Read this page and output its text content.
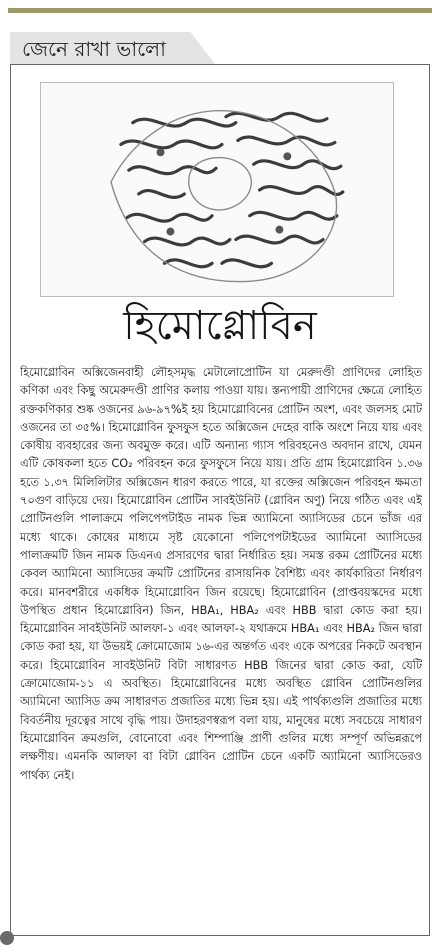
জেনে রাখা ভালো
হিমোগ্লোবিন
হিমোগ্লোবিন অক্সিজেনবাহী লৌহসমৃদ্ধ মেটালোপ্রোটিন যা মেরুদণ্ডী প্রাণিদের লোহিত কণিকা এবং কিছু অমেরুদণ্ডী প্রাণির কলায় পাওয়া যায়। স্তন্যপায়ী প্রাণিদের ক্ষেত্রে লোহিত রক্তকণিকার শুষ্ক ওজনের ৯৬-৯৭%ই হয় হিমোগ্লোবিনের প্রোটিন অংশ, এবং জলসহ মোট ওজনের তা ৩৫%। হিমোগ্লোবিন ফুসফুস হতে অক্সিজেন দেহের বাকি অংশে নিয়ে যায় এবং কোষীয় ব্যবহারের জন্য অবমুক্ত করে। এটি অন্যান্য গ্যাস পরিবহনেও অবদান রাখে, যেমন এটি কোষকলা হতে CO₂ পরিবহন করে ফুসফুসে নিয়ে যায়। প্রতি গ্রাম হিমোগ্লোবিন ১.৩৬ হতে ১.৩৭ মিলিলিটার অক্সিজেন ধারণ করতে পারে, যা রক্তের অক্সিজেন পরিবহন ক্ষমতা ৭০গুণ বাড়িয়ে দেয়। হিমোগ্লোবিন প্রোটিন সাবইউনিট (গ্লোবিন অণু) নিয়ে গঠিত এবং এই প্রোটিনগুলি পালাক্রমে পলিপেপটাইড নামক ভিন্ন অ্যামিনো অ্যাসিডের চেনে ভাঁজ এর মধ্যে থাকে। কোষের মাধ্যমে সৃষ্ট যেকোনো পলিপেপটাইডের অ্যামিনো অ্যাসিডের পালাক্রমটি জিন নামক ডিএনএ প্রসারণের দ্বারা নির্ধারিত হয়। সমস্ত রকম প্রোটিনের মধ্যে কেবল অ্যামিনো অ্যাসিডের ক্রমটি প্রোটিনের রাসায়নিক বৈশিষ্ট্য এবং কার্যকারিতা নির্ধারণ করে। মানবশরীরে একধিক হিমোগ্লোবিন জিন রয়েছে। হিমোগ্লোবিন (প্রাপ্তবয়স্কদের মধ্যে উপস্থিত প্রধান হিমোগ্লোবিন) জিন, HBA₁, HBA₂ এবং HBB দ্বারা কোড করা হয়। হিমোগ্লোবিন সাবইউনিট আলফা-১ এবং আলফা-২ যথাক্রমে HBA₁ এবং HBA₂ জিন দ্বারা কোড করা হয়, যা উভয়ই ক্রোমোজোম ১৬-এর অন্তর্গত এবং একে অপরের নিকটে অবস্থান করে। হিমোগ্লোবিন সাবইউনিট বিটা সাধারণত HBB জিনের দ্বারা কোড করা, যেটি ক্রোমোজোম-১১ এ অবস্থিত। হিমোগ্লোবিনের মধ্যে অবস্থিত গ্লোবিন প্রোটিনগুলির অ্যামিনো অ্যাসিড ক্রম সাধারণত প্রজাতির মধ্যে ভিন্ন হয়। এই পার্থক্যগুলি প্রজাতির মধ্যে বিবর্তনীয় দূরত্বের সাথে বৃদ্ধি পায়। উদাহরণস্বরূপ বলা যায়, মানুষের মধ্যে সবচেয়ে সাধারণ হিমোগ্লোবিন ক্রমগুলি, বোনোবো এবং শিম্পাঞ্জি প্রাণী গুলির মধ্যে সম্পূর্ণ অভিন্নরূপে লক্ষণীয়। এমনকি আলফা বা বিটা গ্লোবিন প্রোটিন চেনে একটি অ্যামিনো অ্যাসিডেরও পার্থক্য নেই।
